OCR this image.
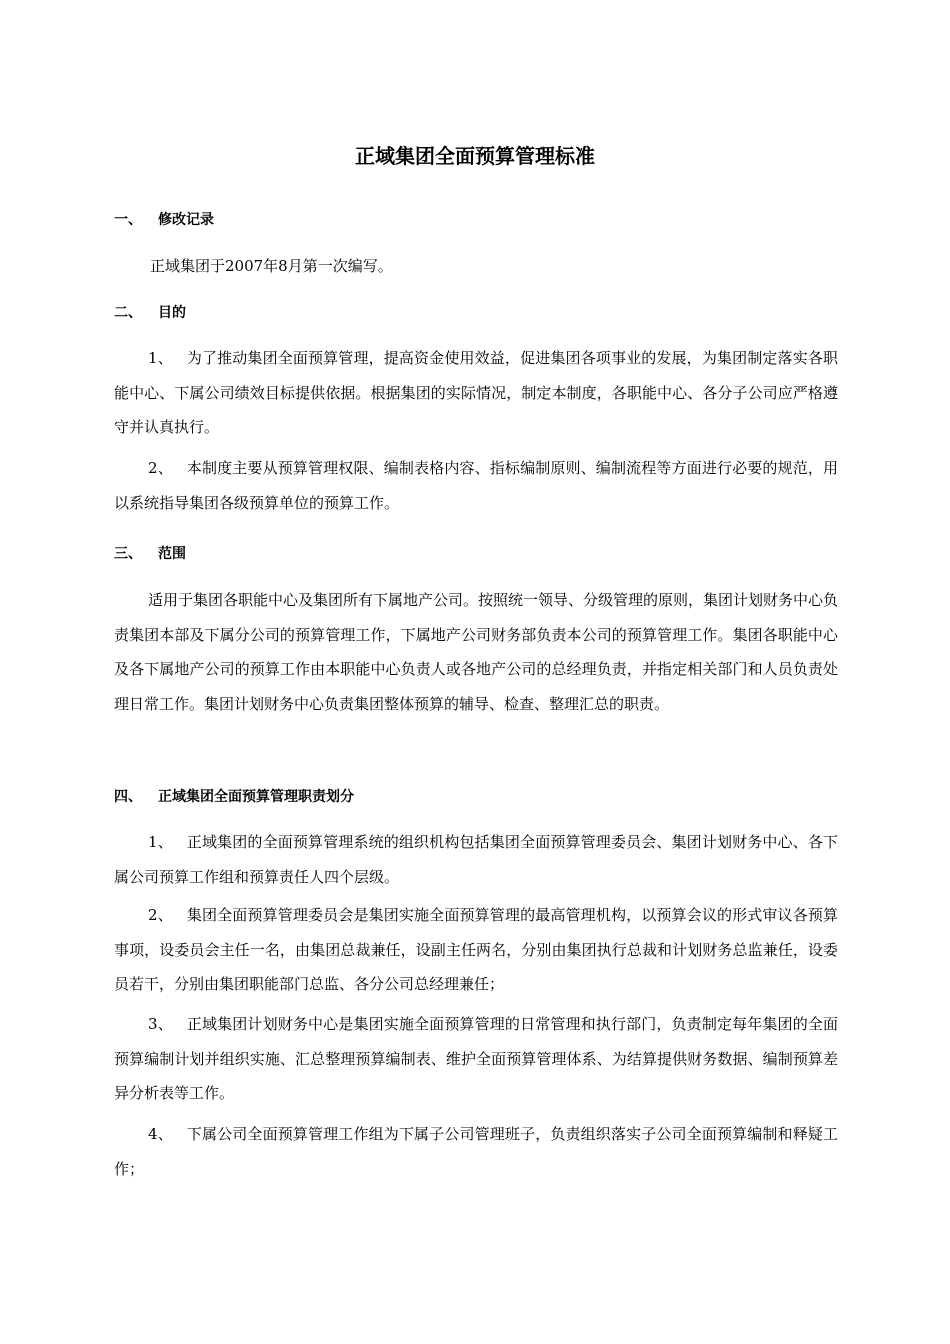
正域集团全面预算管理标准
一、 修改记录
正域集团于2007年8月第一次编写。
二、 目的
1、 为了推动集团全面预算管理，提高资金使用效益，促进集团各项事业的发展，为集团制定落实各职能中心、下属公司绩效目标提供依据。根据集团的实际情况，制定本制度，各职能中心、各分子公司应严格遵守并认真执行。
2、 本制度主要从预算管理权限、编制表格内容、指标编制原则、编制流程等方面进行必要的规范，用以系统指导集团各级预算单位的预算工作。
三、 范围
适用于集团各职能中心及集团所有下属地产公司。按照统一领导、分级管理的原则，集团计划财务中心负责集团本部及下属分公司的预算管理工作，下属地产公司财务部负责本公司的预算管理工作。集团各职能中心及各下属地产公司的预算工作由本职能中心负责人或各地产公司的总经理负责，并指定相关部门和人员负责处理日常工作。集团计划财务中心负责集团整体预算的辅导、检查、整理汇总的职责。
四、 正域集团全面预算管理职责划分
1、 正域集团的全面预算管理系统的组织机构包括集团全面预算管理委员会、集团计划财务中心、各下属公司预算工作组和预算责任人四个层级。
2、 集团全面预算管理委员会是集团实施全面预算管理的最高管理机构，以预算会议的形式审议各预算事项，设委员会主任一名，由集团总裁兼任，设副主任两名，分别由集团执行总裁和计划财务总监兼任，设委员若干，分别由集团职能部门总监、各分公司总经理兼任；
3、 正域集团计划财务中心是集团实施全面预算管理的日常管理和执行部门，负责制定每年集团的全面预算编制计划并组织实施、汇总整理预算编制表、维护全面预算管理体系、为结算提供财务数据、编制预算差异分析表等工作。
4、 下属公司全面预算管理工作组为下属子公司管理班子，负责组织落实子公司全面预算编制和释疑工作；
